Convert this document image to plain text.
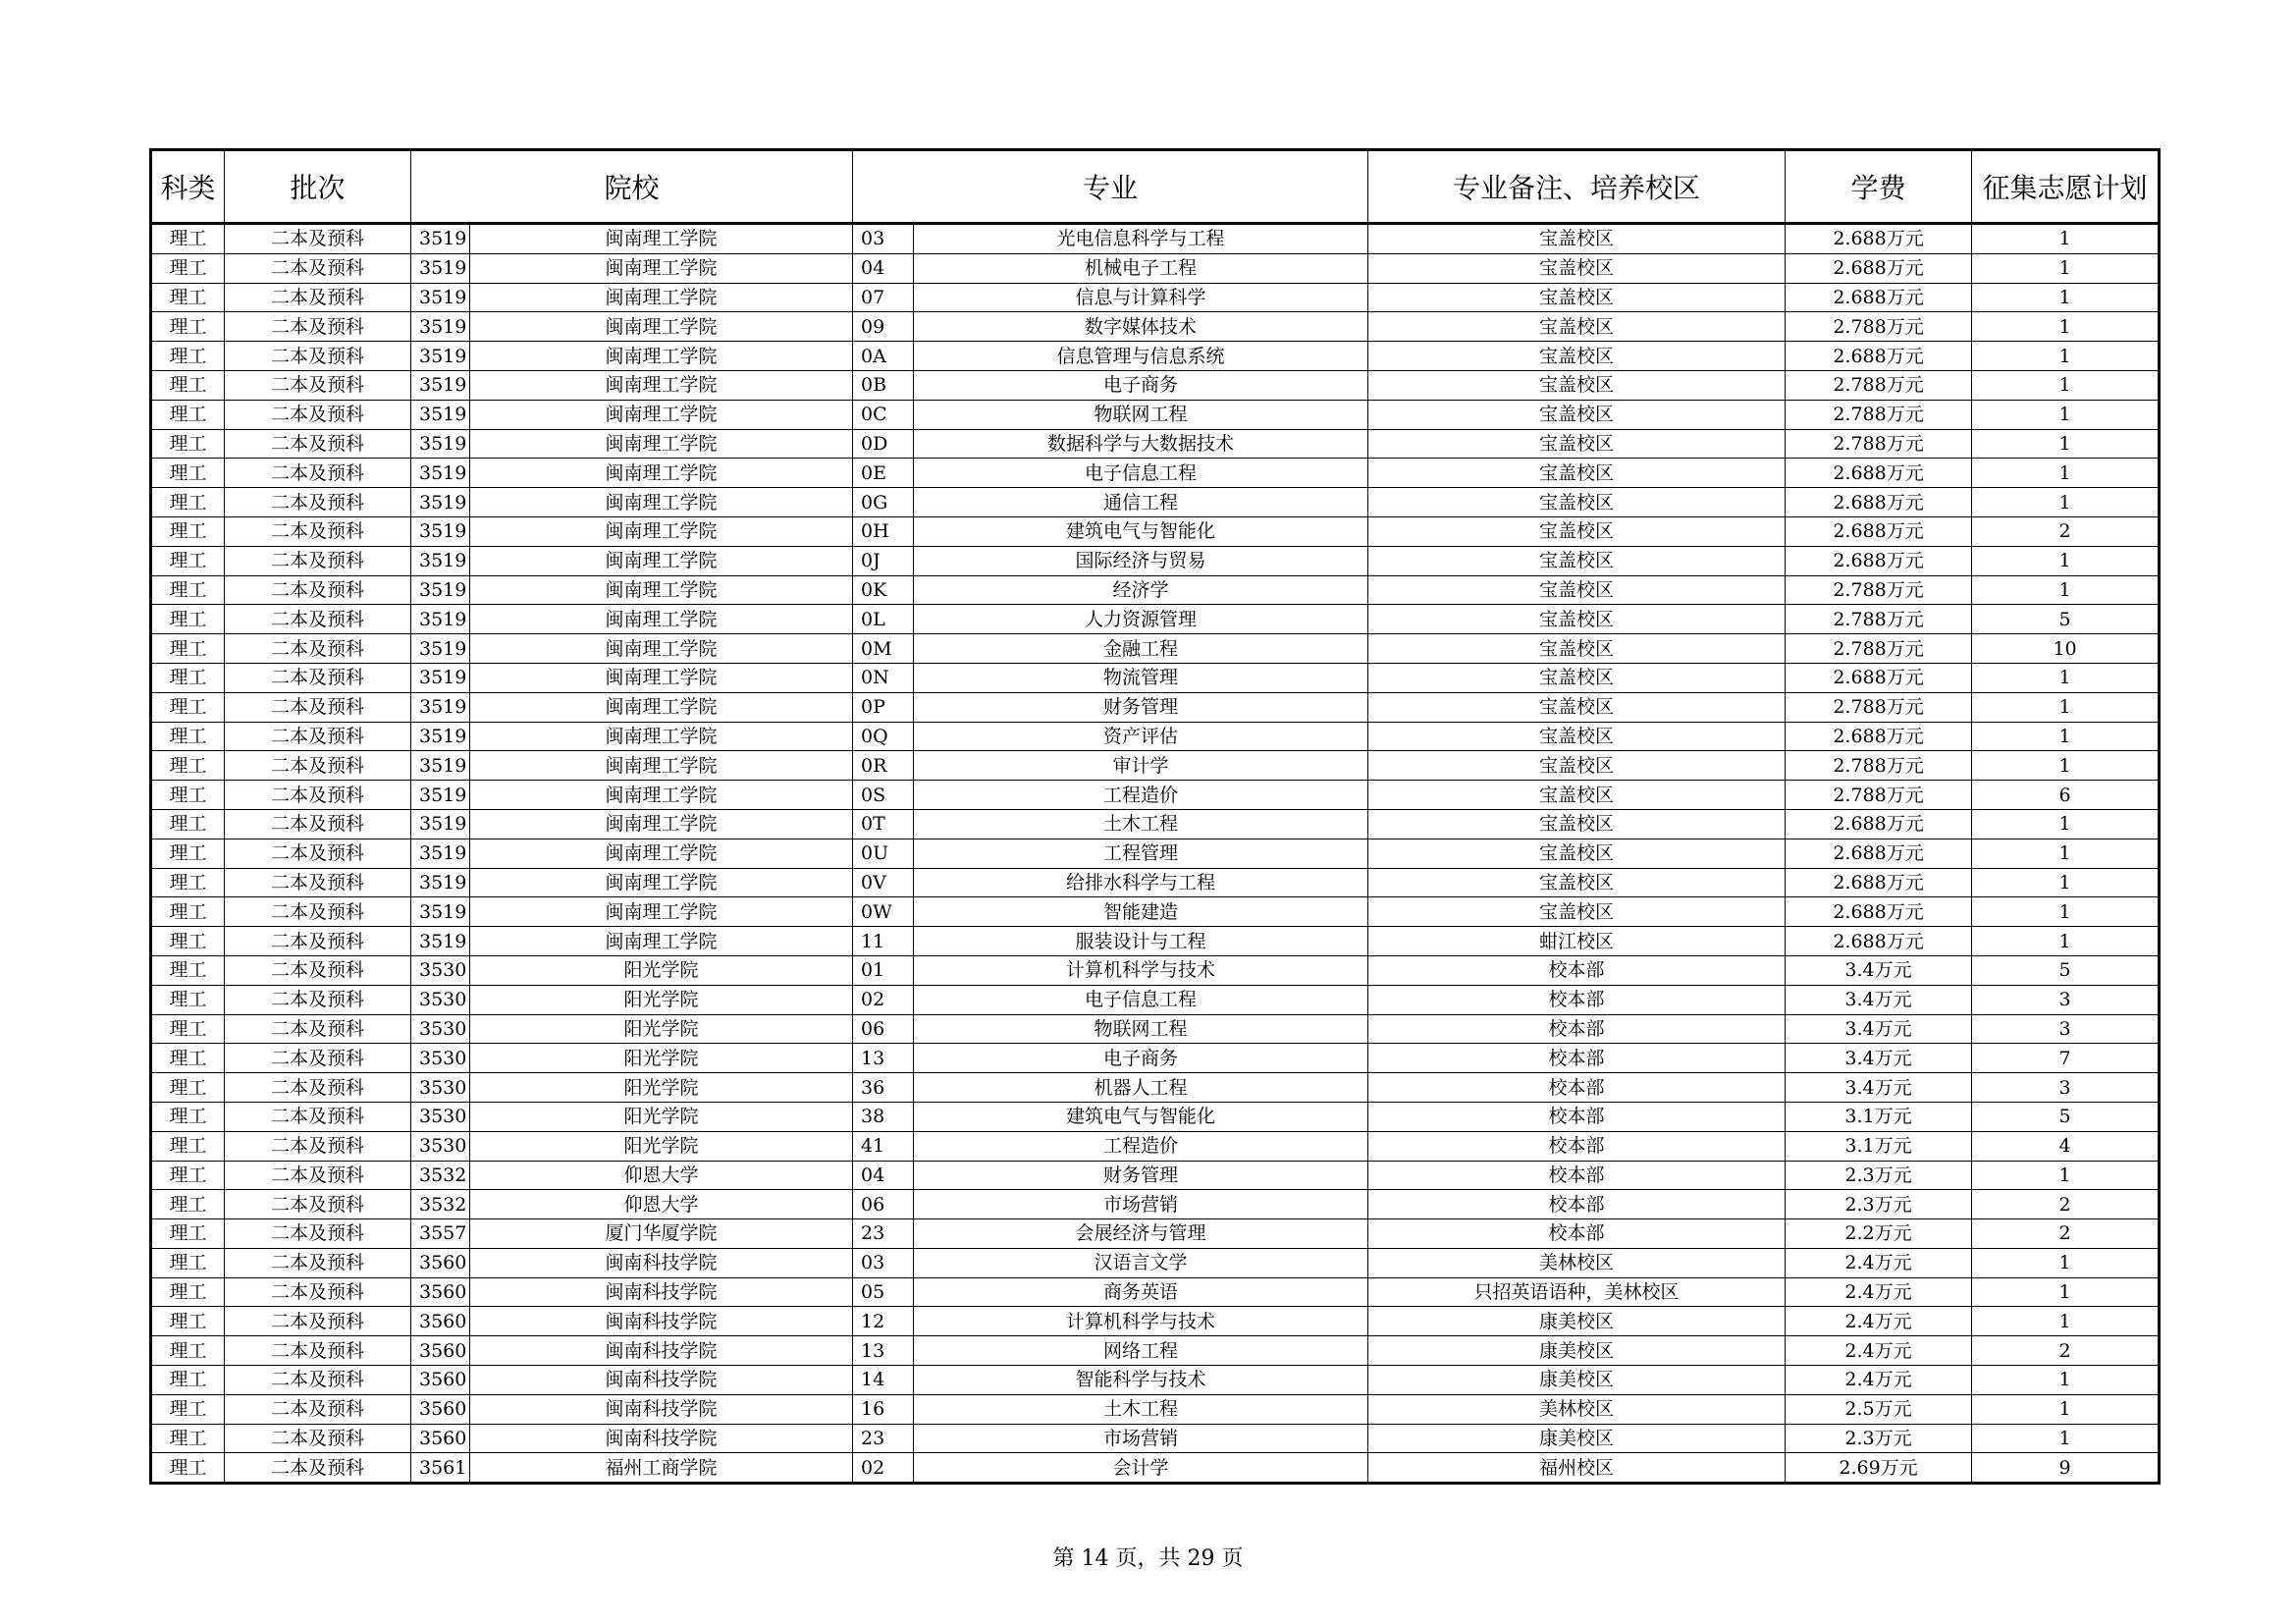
科类	批次	院校		专业		专业备注、培养校区	学费	征集志愿计划
理工	二本及预科	3519	闽南理工学院	03	光电信息科学与工程	宝盖校区	2.688万元	1
理工	二本及预科	3519	闽南理工学院	04	机械电子工程	宝盖校区	2.688万元	1
理工	二本及预科	3519	闽南理工学院	07	信息与计算科学	宝盖校区	2.688万元	1
理工	二本及预科	3519	闽南理工学院	09	数字媒体技术	宝盖校区	2.788万元	1
理工	二本及预科	3519	闽南理工学院	0A	信息管理与信息系统	宝盖校区	2.688万元	1
理工	二本及预科	3519	闽南理工学院	0B	电子商务	宝盖校区	2.788万元	1
理工	二本及预科	3519	闽南理工学院	0C	物联网工程	宝盖校区	2.788万元	1
理工	二本及预科	3519	闽南理工学院	0D	数据科学与大数据技术	宝盖校区	2.788万元	1
理工	二本及预科	3519	闽南理工学院	0E	电子信息工程	宝盖校区	2.688万元	1
理工	二本及预科	3519	闽南理工学院	0G	通信工程	宝盖校区	2.688万元	1
理工	二本及预科	3519	闽南理工学院	0H	建筑电气与智能化	宝盖校区	2.688万元	2
理工	二本及预科	3519	闽南理工学院	0J	国际经济与贸易	宝盖校区	2.688万元	1
理工	二本及预科	3519	闽南理工学院	0K	经济学	宝盖校区	2.788万元	1
理工	二本及预科	3519	闽南理工学院	0L	人力资源管理	宝盖校区	2.788万元	5
理工	二本及预科	3519	闽南理工学院	0M	金融工程	宝盖校区	2.788万元	10
理工	二本及预科	3519	闽南理工学院	0N	物流管理	宝盖校区	2.688万元	1
理工	二本及预科	3519	闽南理工学院	0P	财务管理	宝盖校区	2.788万元	1
理工	二本及预科	3519	闽南理工学院	0Q	资产评估	宝盖校区	2.688万元	1
理工	二本及预科	3519	闽南理工学院	0R	审计学	宝盖校区	2.788万元	1
理工	二本及预科	3519	闽南理工学院	0S	工程造价	宝盖校区	2.788万元	6
理工	二本及预科	3519	闽南理工学院	0T	土木工程	宝盖校区	2.688万元	1
理工	二本及预科	3519	闽南理工学院	0U	工程管理	宝盖校区	2.688万元	1
理工	二本及预科	3519	闽南理工学院	0V	给排水科学与工程	宝盖校区	2.688万元	1
理工	二本及预科	3519	闽南理工学院	0W	智能建造	宝盖校区	2.688万元	1
理工	二本及预科	3519	闽南理工学院	11	服装设计与工程	蚶江校区	2.688万元	1
理工	二本及预科	3530	阳光学院	01	计算机科学与技术	校本部	3.4万元	5
理工	二本及预科	3530	阳光学院	02	电子信息工程	校本部	3.4万元	3
理工	二本及预科	3530	阳光学院	06	物联网工程	校本部	3.4万元	3
理工	二本及预科	3530	阳光学院	13	电子商务	校本部	3.4万元	7
理工	二本及预科	3530	阳光学院	36	机器人工程	校本部	3.4万元	3
理工	二本及预科	3530	阳光学院	38	建筑电气与智能化	校本部	3.1万元	5
理工	二本及预科	3530	阳光学院	41	工程造价	校本部	3.1万元	4
理工	二本及预科	3532	仰恩大学	04	财务管理	校本部	2.3万元	1
理工	二本及预科	3532	仰恩大学	06	市场营销	校本部	2.3万元	2
理工	二本及预科	3557	厦门华厦学院	23	会展经济与管理	校本部	2.2万元	2
理工	二本及预科	3560	闽南科技学院	03	汉语言文学	美林校区	2.4万元	1
理工	二本及预科	3560	闽南科技学院	05	商务英语	只招英语语种，美林校区	2.4万元	1
理工	二本及预科	3560	闽南科技学院	12	计算机科学与技术	康美校区	2.4万元	1
理工	二本及预科	3560	闽南科技学院	13	网络工程	康美校区	2.4万元	2
理工	二本及预科	3560	闽南科技学院	14	智能科学与技术	康美校区	2.4万元	1
理工	二本及预科	3560	闽南科技学院	16	土木工程	美林校区	2.5万元	1
理工	二本及预科	3560	闽南科技学院	23	市场营销	康美校区	2.3万元	1
理工	二本及预科	3561	福州工商学院	02	会计学	福州校区	2.69万元	9
第 14 页，共 29 页
